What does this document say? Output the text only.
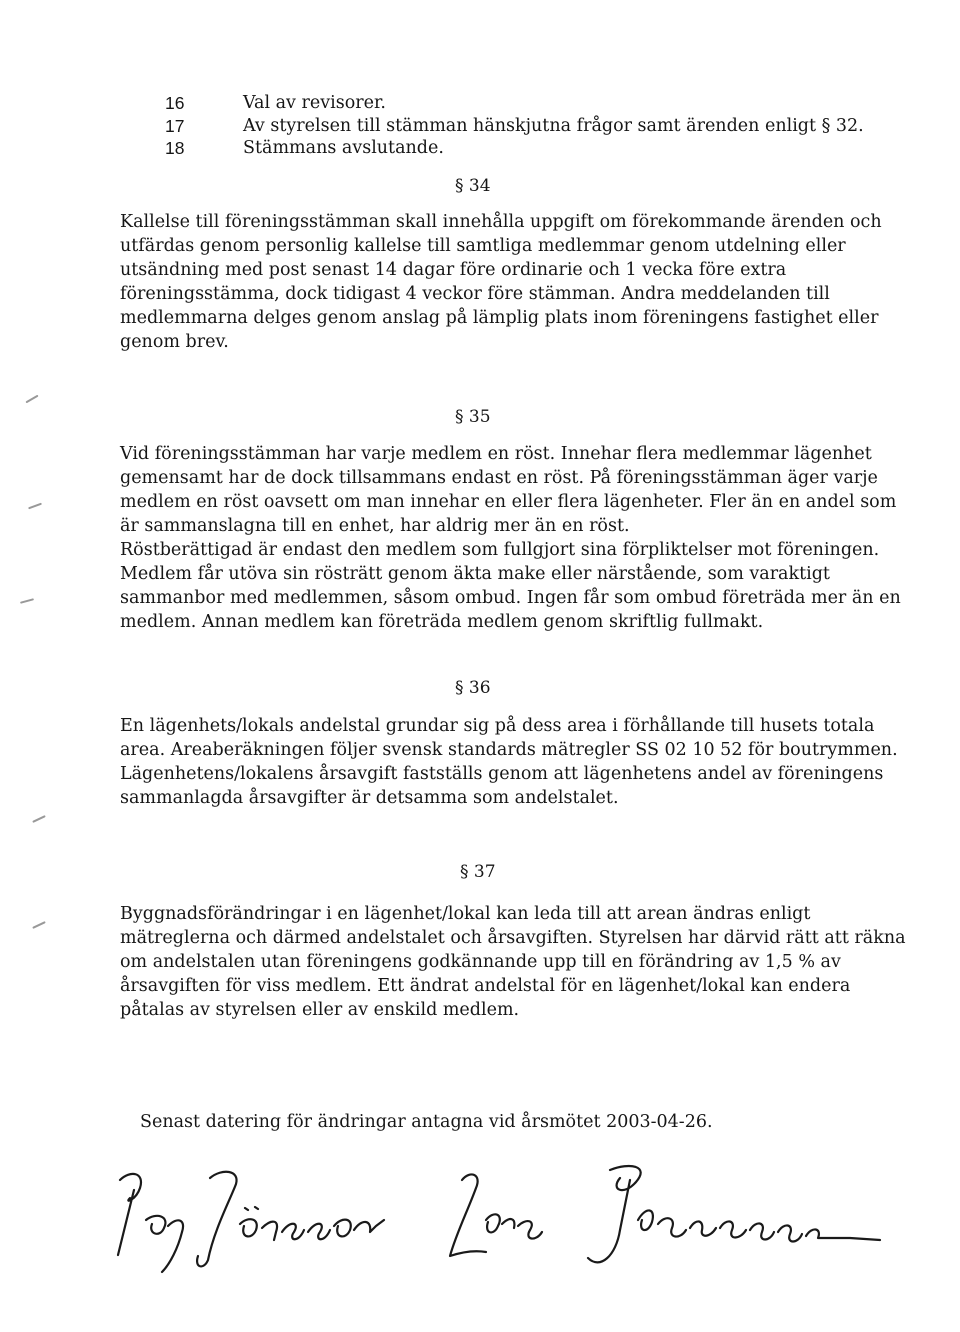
16	Val av revisorer.
17	Av styrelsen till stämman hänskjutna frågor samt ärenden enligt § 32.
18	Stämmans avslutande.
§ 34
Kallelse till föreningsstämman skall innehålla uppgift om förekommande ärenden och
utfärdas genom personlig kallelse till samtliga medlemmar genom utdelning eller
utsändning med post senast 14 dagar före ordinarie och 1 vecka före extra
föreningsstämma, dock tidigast 4 veckor före stämman. Andra meddelanden till
medlemmarna delges genom anslag på lämplig plats inom föreningens fastighet eller
genom brev.
§ 35
Vid föreningsstämman har varje medlem en röst. Innehar flera medlemmar lägenhet
gemensamt har de dock tillsammans endast en röst. På föreningsstämman äger varje
medlem en röst oavsett om man innehar en eller flera lägenheter. Fler än en andel som
är sammanslagna till en enhet, har aldrig mer än en röst.
Röstberättigad är endast den medlem som fullgjort sina förpliktelser mot föreningen.
Medlem får utöva sin rösträtt genom äkta make eller närstående, som varaktigt
sammanbor med medlemmen, såsom ombud. Ingen får som ombud företräda mer än en
medlem. Annan medlem kan företräda medlem genom skriftlig fullmakt.
§ 36
En lägenhets/lokals andelstal grundar sig på dess area i förhållande till husets totala
area. Areaberäkningen följer svensk standards mätregler SS 02 10 52 för boutrymmen.
Lägenhetens/lokalens årsavgift fastställs genom att lägenhetens andel av föreningens
sammanlagda årsavgifter är detsamma som andelstalet.
§ 37
Byggnadsförändringar i en lägenhet/lokal kan leda till att arean ändras enligt
mätreglerna och därmed andelstalet och årsavgiften. Styrelsen har därvid rätt att räkna
om andelstalen utan föreningens godkännande upp till en förändring av 1,5 % av
årsavgiften för viss medlem. Ett ändrat andelstal för en lägenhet/lokal kan endera
påtalas av styrelsen eller av enskild medlem.
Senast datering för ändringar antagna vid årsmötet 2003-04-26.
